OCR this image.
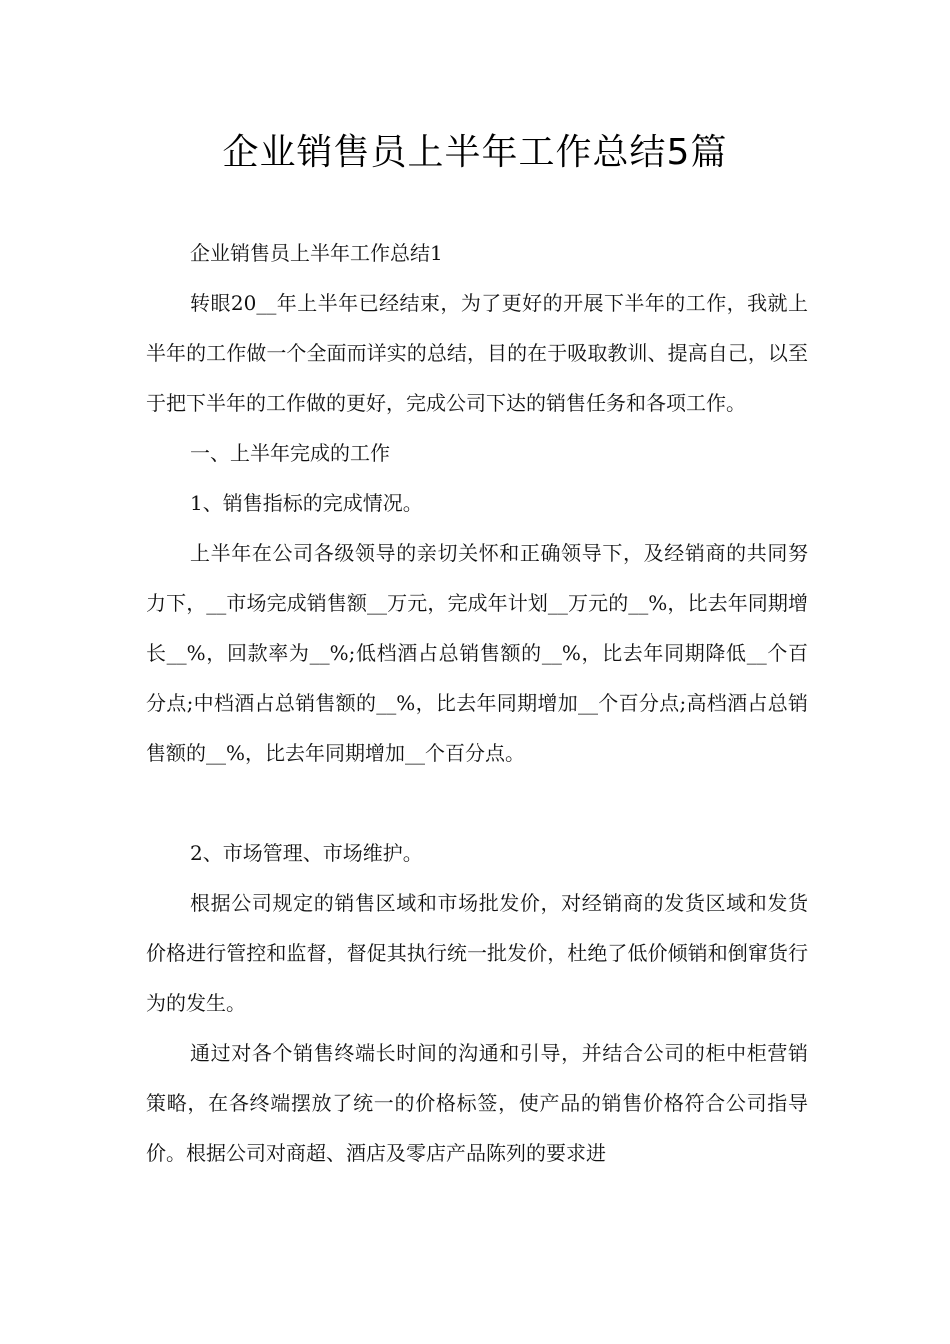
企业销售员上半年工作总结5篇

企业销售员上半年工作总结1

转眼20__年上半年已经结束，为了更好的开展下半年的工作，我就上半年的工作做一个全面而详实的总结，目的在于吸取教训、提高自己，以至于把下半年的工作做的更好，完成公司下达的销售任务和各项工作。

一、上半年完成的工作

1、销售指标的完成情况。

上半年在公司各级领导的亲切关怀和正确领导下，及经销商的共同努力下，__市场完成销售额__万元，完成年计划__万元的__%，比去年同期增长__%，回款率为__%;低档酒占总销售额的__%，比去年同期降低__个百分点;中档酒占总销售额的__%，比去年同期增加__个百分点;高档酒占总销售额的__%，比去年同期增加__个百分点。

2、市场管理、市场维护。

根据公司规定的销售区域和市场批发价，对经销商的发货区域和发货价格进行管控和监督，督促其执行统一批发价，杜绝了低价倾销和倒窜货行为的发生。

通过对各个销售终端长时间的沟通和引导，并结合公司的柜中柜营销策略，在各终端摆放了统一的价格标签，使产品的销售价格符合公司指导价。根据公司对商超、酒店及零店产品陈列的要求进
